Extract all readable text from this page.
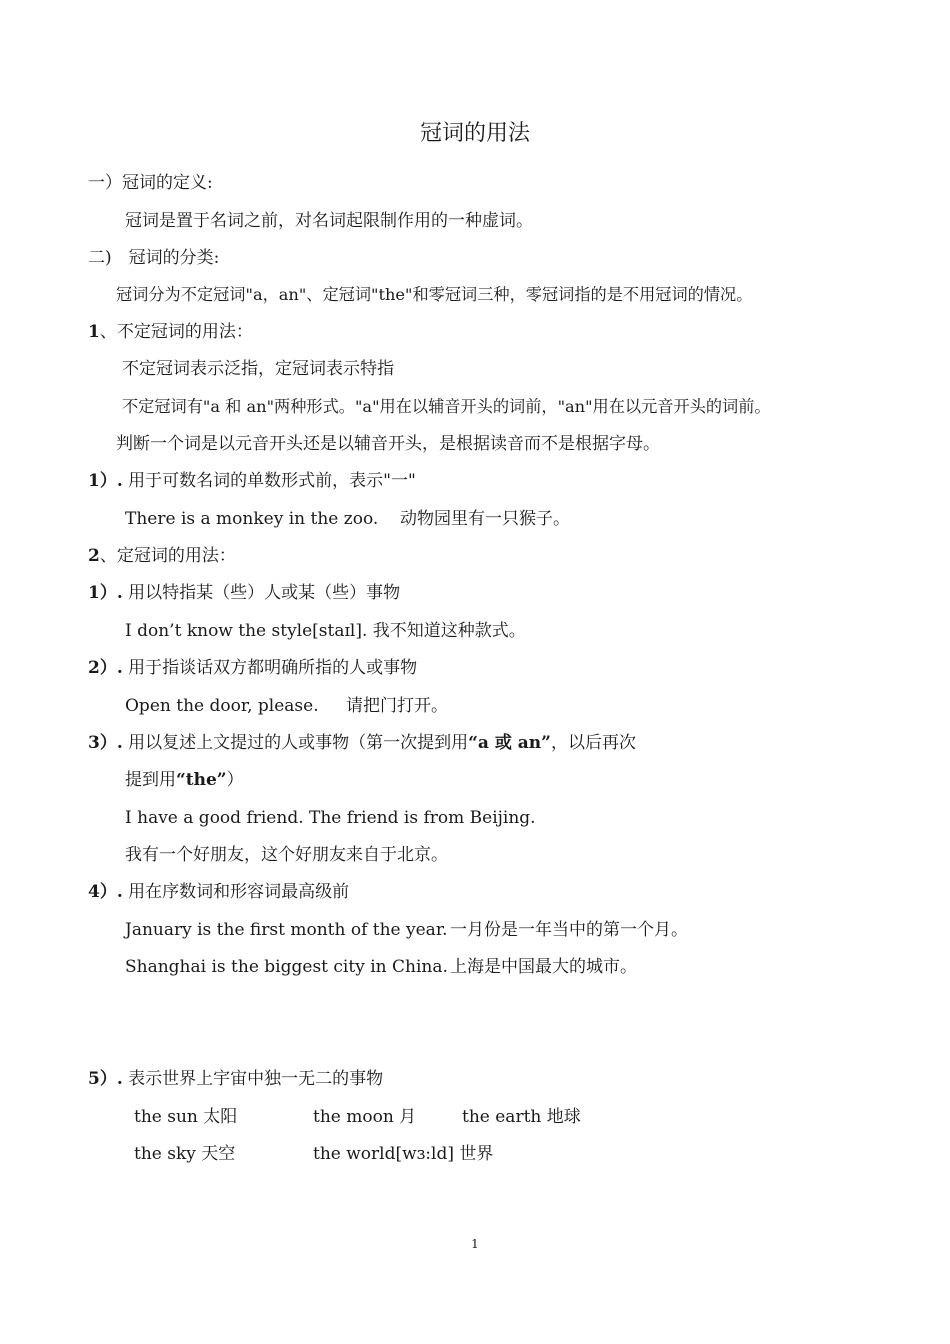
冠词的用法
一）冠词的定义:
冠词是置于名词之前，对名词起限制作用的一种虚词。
二)　冠词的分类:
冠词分为不定冠词"a，an"、定冠词"the"和零冠词三种，零冠词指的是不用冠词的情况。
1、不定冠词的用法：
不定冠词表示泛指，定冠词表示特指
不定冠词有"a 和 an"两种形式。"a"用在以辅音开头的词前，"an"用在以元音开头的词前。
判断一个词是以元音开头还是以辅音开头，是根据读音而不是根据字母。
1）. 用于可数名词的单数形式前，表示"一"
There is a monkey in the zoo. 动物园里有一只猴子。
2、定冠词的用法：
1）. 用以特指某（些）人或某（些）事物
I don’t know the style[staɪl]. 我不知道这种款式。
2）. 用于指谈话双方都明确所指的人或事物
Open the door, please. 请把门打开。
3）. 用以复述上文提过的人或事物（第一次提到用“a 或 an”，以后再次
提到用“the”）
I have a good friend. The friend is from Beijing.
我有一个好朋友，这个好朋友来自于北京。
4）. 用在序数词和形容词最高级前
January is the first month of the year. 一月份是一年当中的第一个月。
Shanghai is the biggest city in China. 上海是中国最大的城市。
5）. 表示世界上宇宙中独一无二的事物
the sun 太阳	the moon 月	the earth 地球
the sky 天空	the world[wɜ:ld] 世界
1
